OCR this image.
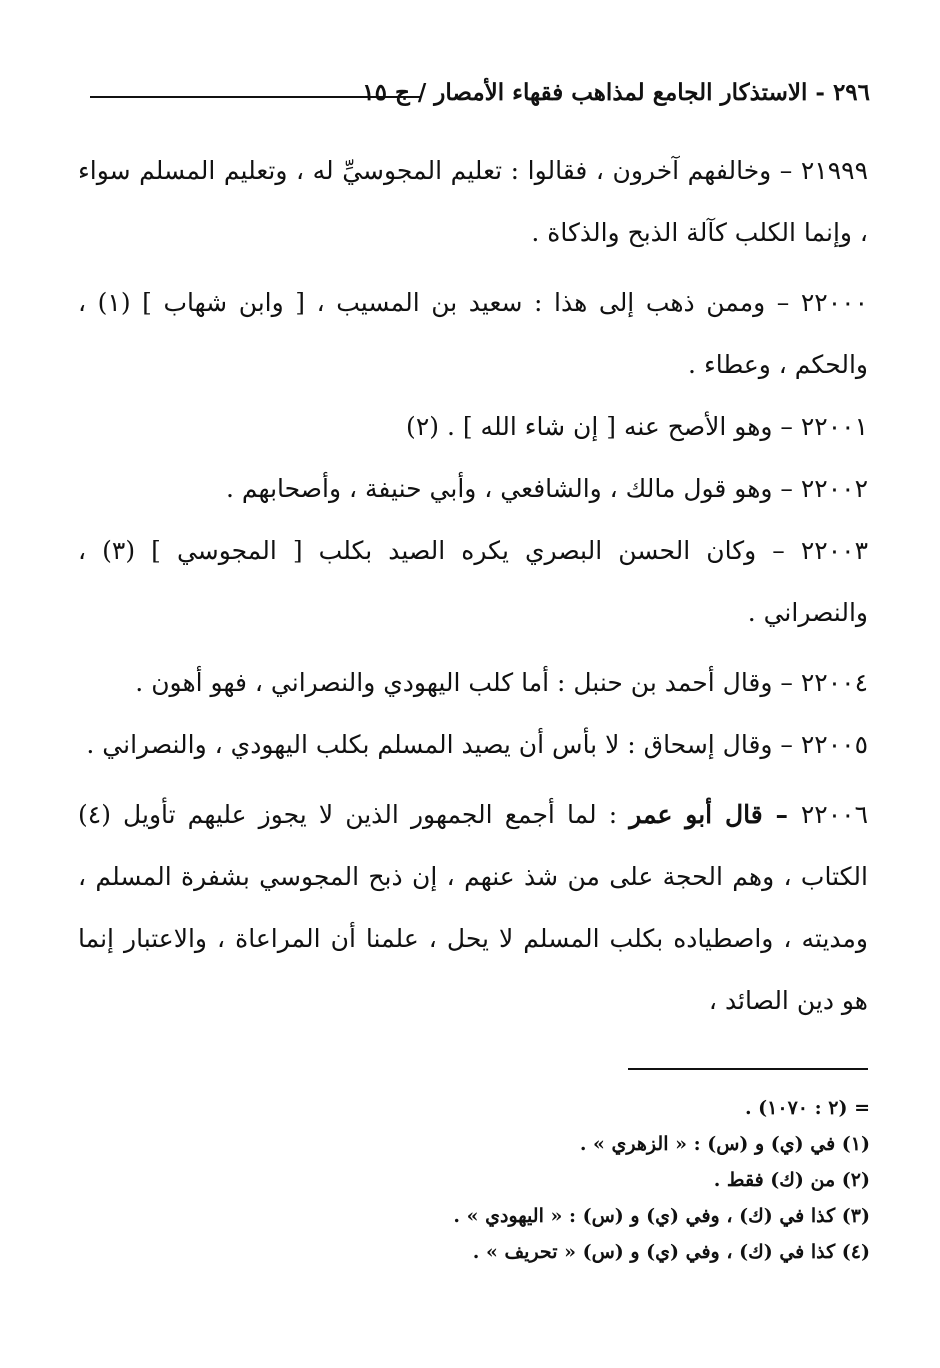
٢٩٦ - الاستذكار الجامع لمذاهب فقهاء الأمصار / ج ١٥

٢١٩٩٩ – وخالفهم آخرون ، فقالوا : تعليم المجوسيِّ له ، وتعليم المسلم سواء ، وإنما الكلب كآلة الذبح والذكاة .

٢٢٠٠٠ – وممن ذهب إلى هذا : سعيد بن المسيب ، [ وابن شهاب ] (١) ، والحكم ، وعطاء .

٢٢٠٠١ – وهو الأصح عنه [ إن شاء الله ] . (٢)

٢٢٠٠٢ – وهو قول مالك ، والشافعي ، وأبي حنيفة ، وأصحابهم .

٢٢٠٠٣ – وكان الحسن البصري يكره الصيد بكلب [ المجوسي ] (٣) ، والنصراني .

٢٢٠٠٤ – وقال أحمد بن حنبل : أما كلب اليهودي والنصراني ، فهو أهون .

٢٢٠٠٥ – وقال إسحاق : لا بأس أن يصيد المسلم بكلب اليهودي ، والنصراني .

٢٢٠٠٦ – قال أبو عمر : لما أجمع الجمهور الذين لا يجوز عليهم تأويل (٤) الكتاب ، وهم الحجة على من شذ عنهم ، إن ذبح المجوسي بشفرة المسلم ، ومديته ، واصطياده بكلب المسلم لا يحل ، علمنا أن المراعاة ، والاعتبار إنما هو دين الصائد ،

= (٢ : ١٠٧٠) .

(١) في (ي) و (س) : « الزهري » .

(٢) من (ك) فقط .

(٣) كذا في (ك) ، وفي (ي) و (س) : « اليهودي » .

(٤) كذا في (ك) ، وفي (ي) و (س) « تحريف » .
